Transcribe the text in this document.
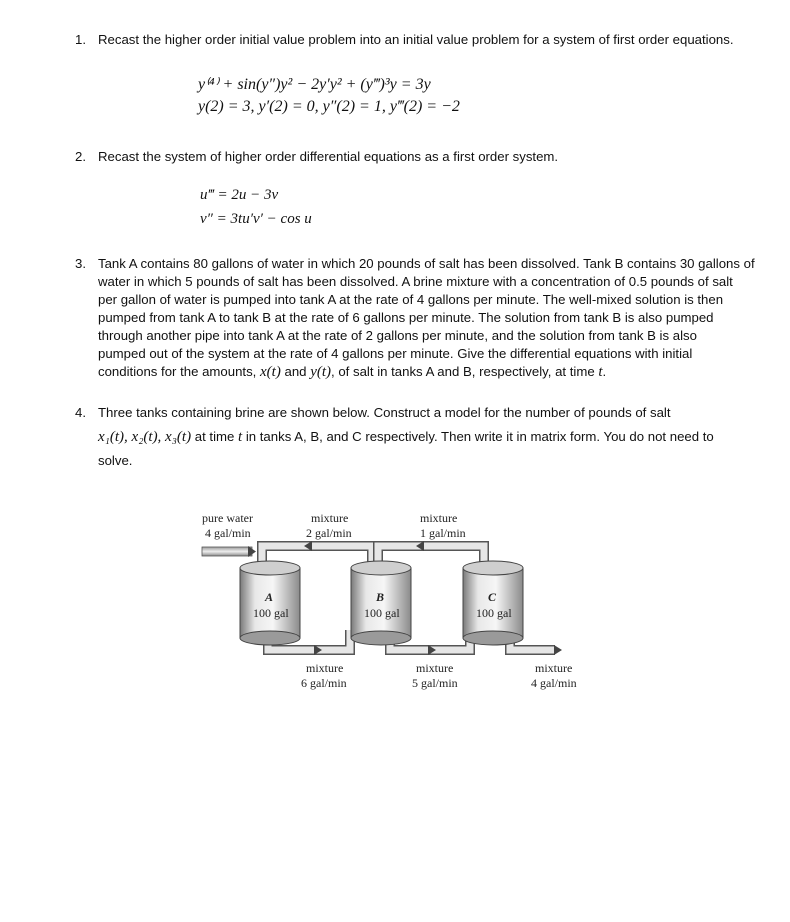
1. Recast the higher order initial value problem into an initial value problem for a system of first order equations.
y⁽⁴⁾ + sin(y″)y² − 2y′y² + (y‴)³y = 3y
y(2) = 3, y′(2) = 0, y″(2) = 1, y‴(2) = −2
2. Recast the system of higher order differential equations as a first order system.
u‴ = 2u − 3v
v″ = 3tu′v′ − cos u
3. Tank A contains 80 gallons of water in which 20 pounds of salt has been dissolved. Tank B contains 30 gallons of
water in which 5 pounds of salt has been dissolved. A brine mixture with a concentration of 0.5 pounds of salt
per gallon of water is pumped into tank A at the rate of 4 gallons per minute. The well-mixed solution is then
pumped from tank A to tank B at the rate of 6 gallons per minute. The solution from tank B is also pumped
through another pipe into tank A at the rate of 2 gallons per minute, and the solution from tank B is also
pumped out of the system at the rate of 4 gallons per minute. Give the differential equations with initial
conditions for the amounts, x(t) and y(t), of salt in tanks A and B, respectively, at time t.
4. Three tanks containing brine are shown below. Construct a model for the number of pounds of salt
x₁(t), x₂(t), x₃(t) at time t in tanks A, B, and C respectively. Then write it in matrix form. You do not need to
solve.
pure water
4 gal/min
mixture
2 gal/min
mixture
1 gal/min
A
100 gal
B
100 gal
C
100 gal
mixture
6 gal/min
mixture
5 gal/min
mixture
4 gal/min
